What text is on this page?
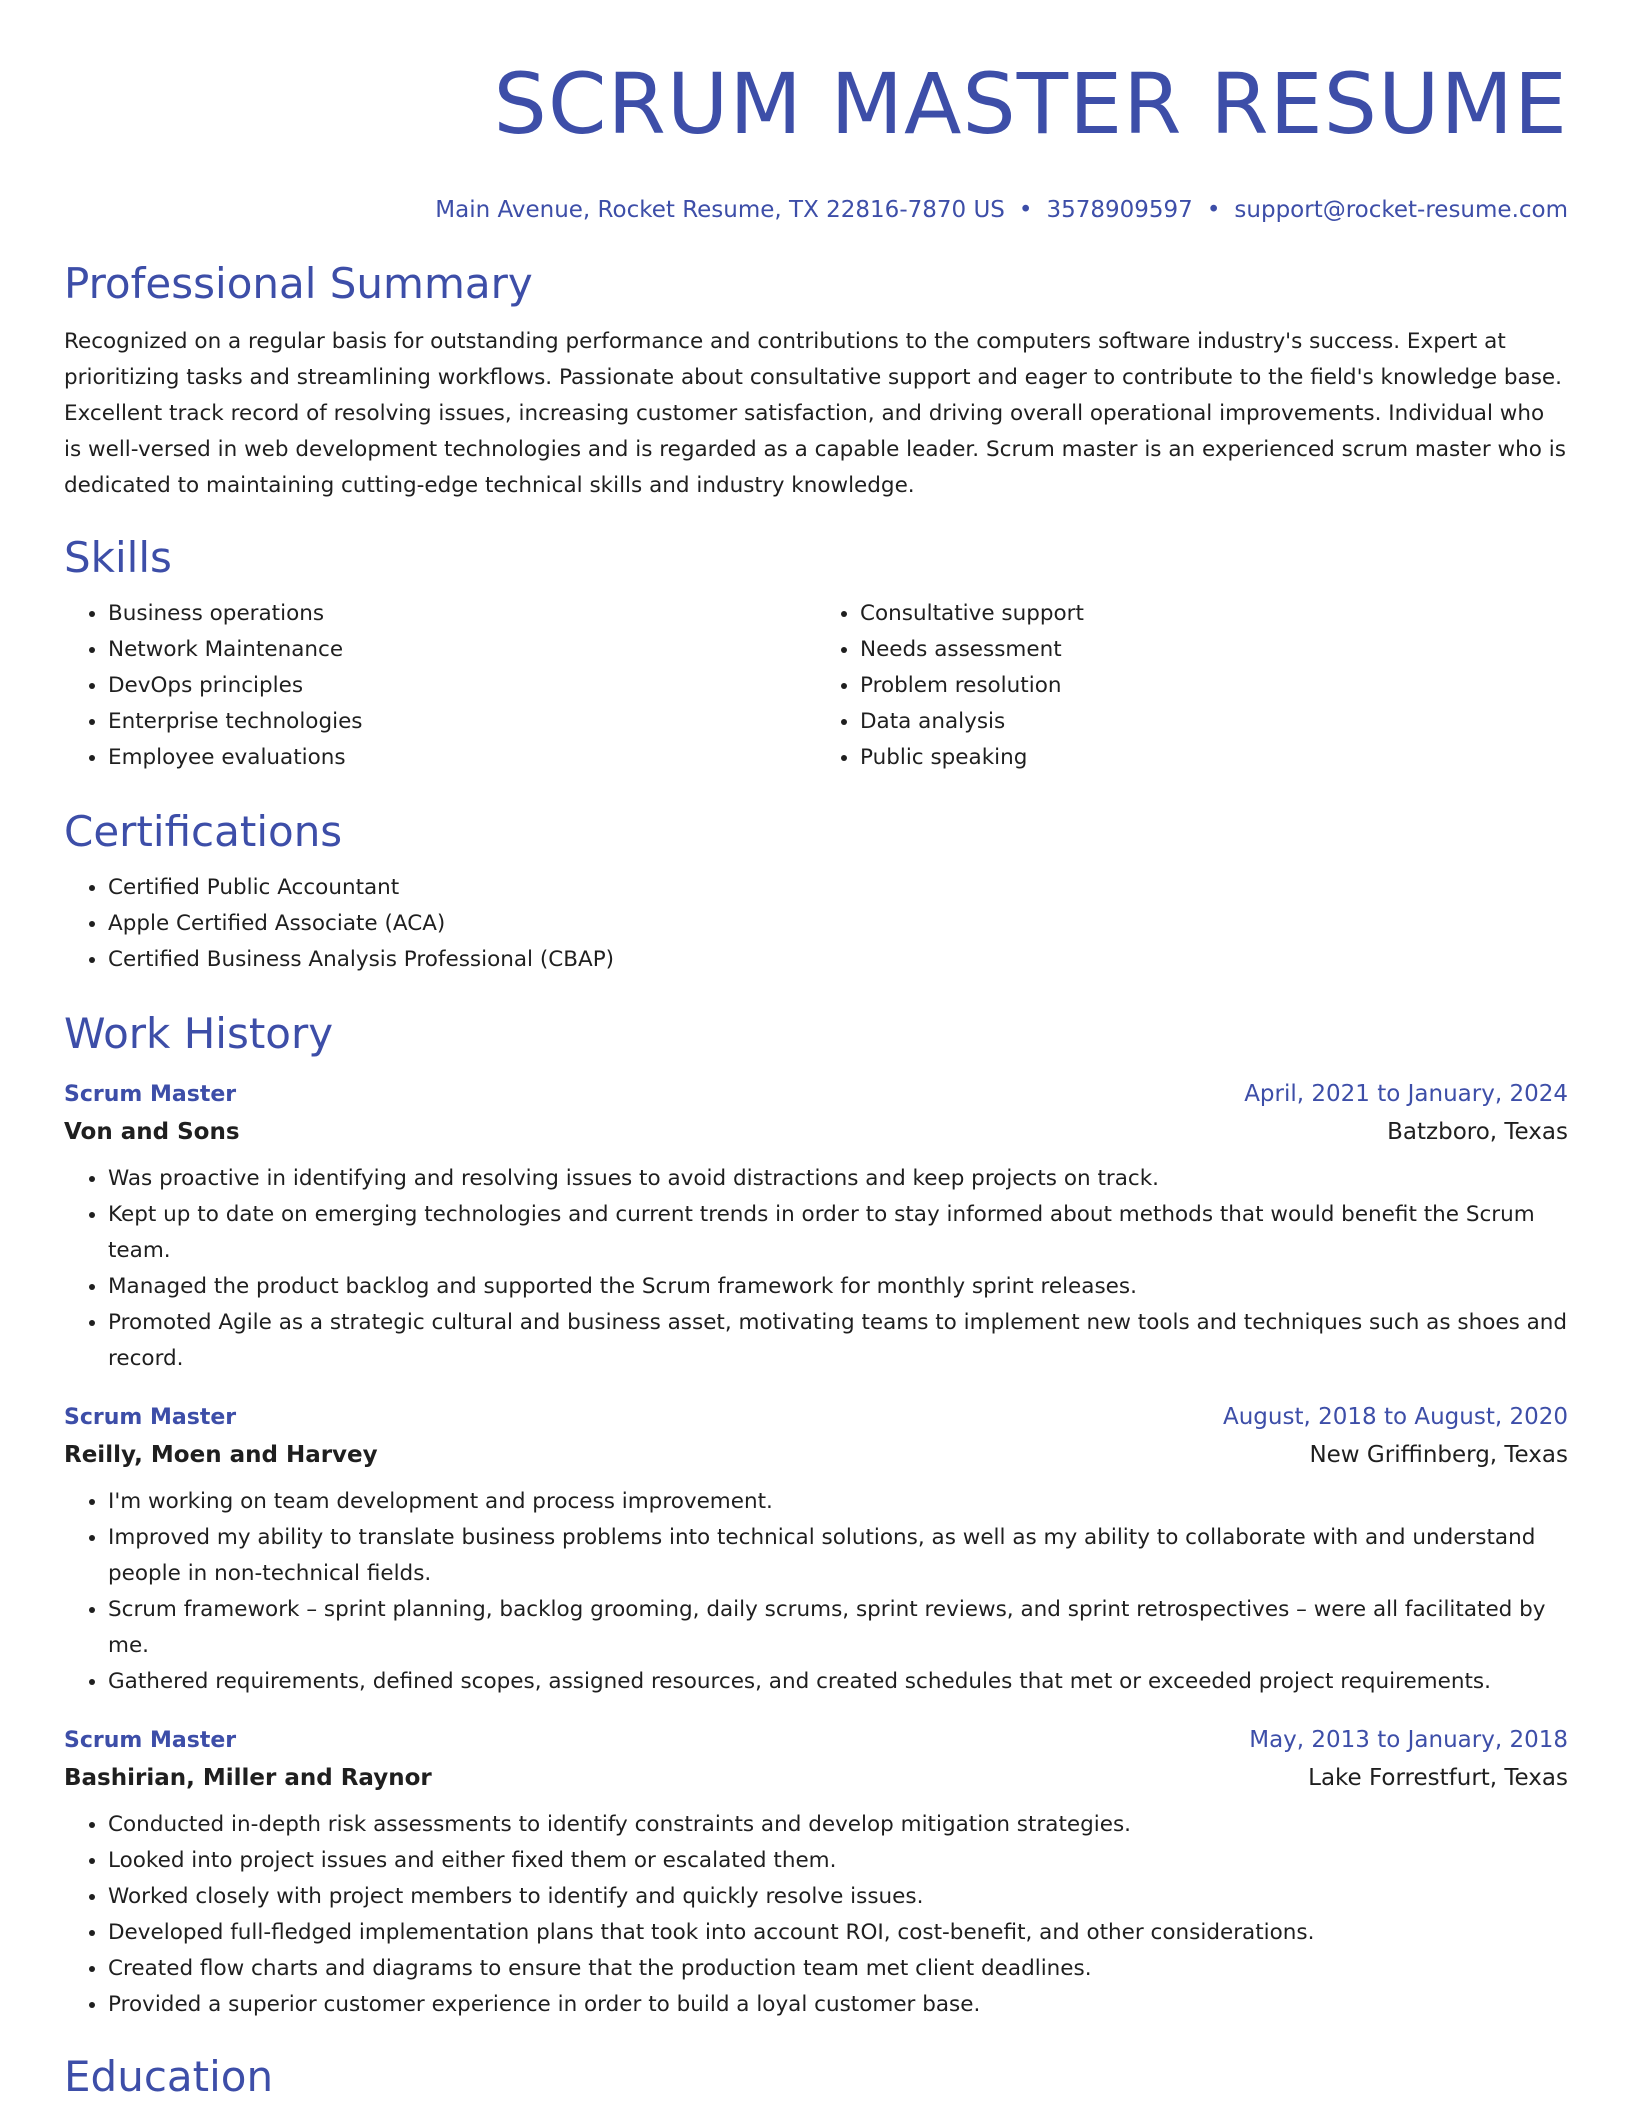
SCRUM MASTER RESUME
Main Avenue, Rocket Resume, TX 22816-7870 US • 3578909597 • support@rocket-resume.com
Professional Summary

Recognized on a regular basis for outstanding performance and contributions to the computers software industry's success. Expert at prioritizing tasks and streamlining workflows. Passionate about consultative support and eager to contribute to the field's knowledge base. Excellent track record of resolving issues, increasing customer satisfaction, and driving overall operational improvements. Individual who is well-versed in web development technologies and is regarded as a capable leader. Scrum master is an experienced scrum master who is dedicated to maintaining cutting-edge technical skills and industry knowledge.

Skills
• Business operations
• Network Maintenance
• DevOps principles
• Enterprise technologies
• Employee evaluations
• Consultative support
• Needs assessment
• Problem resolution
• Data analysis
• Public speaking
Certifications
• Certified Public Accountant
• Apple Certified Associate (ACA)
• Certified Business Analysis Professional (CBAP)
Work History
Scrum Master	April, 2021 to January, 2024
Von and Sons	Batzboro, Texas
• Was proactive in identifying and resolving issues to avoid distractions and keep projects on track.
• Kept up to date on emerging technologies and current trends in order to stay informed about methods that would benefit the Scrum team.
• Managed the product backlog and supported the Scrum framework for monthly sprint releases.
• Promoted Agile as a strategic cultural and business asset, motivating teams to implement new tools and techniques such as shoes and record.
Scrum Master	August, 2018 to August, 2020
Reilly, Moen and Harvey	New Griffinberg, Texas
• I'm working on team development and process improvement.
• Improved my ability to translate business problems into technical solutions, as well as my ability to collaborate with and understand people in non-technical fields.
• Scrum framework – sprint planning, backlog grooming, daily scrums, sprint reviews, and sprint retrospectives – were all facilitated by me.
• Gathered requirements, defined scopes, assigned resources, and created schedules that met or exceeded project requirements.
Scrum Master	May, 2013 to January, 2018
Bashirian, Miller and Raynor	Lake Forrestfurt, Texas
• Conducted in-depth risk assessments to identify constraints and develop mitigation strategies.
• Looked into project issues and either fixed them or escalated them.
• Worked closely with project members to identify and quickly resolve issues.
• Developed full-fledged implementation plans that took into account ROI, cost-benefit, and other considerations.
• Created flow charts and diagrams to ensure that the production team met client deadlines.
• Provided a superior customer experience in order to build a loyal customer base.
Education
